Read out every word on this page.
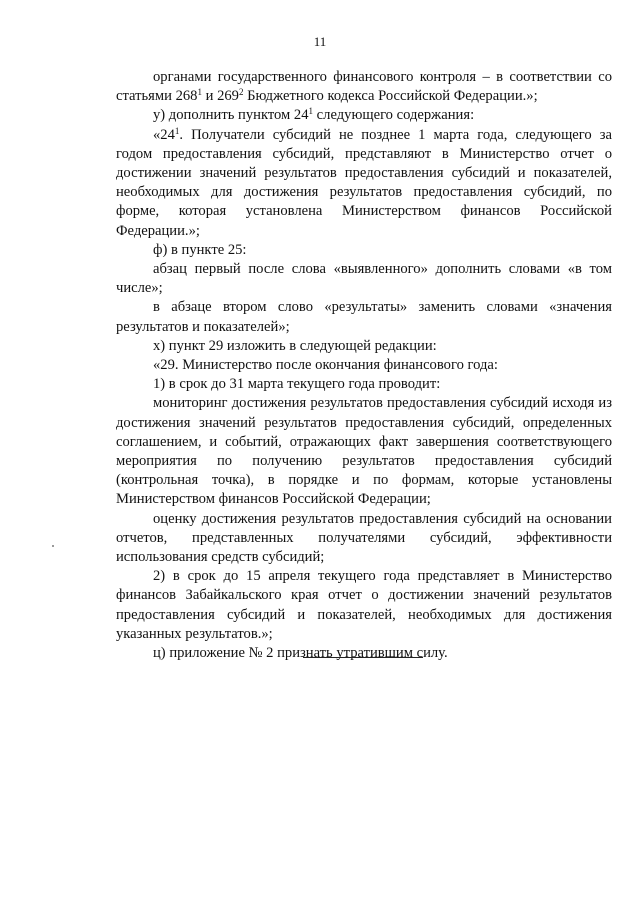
11

органами государственного финансового контроля – в соответствии со статьями $268^1$ и $269^2$ Бюджетного кодекса Российской Федерации.»;

у) дополнить пунктом $24^1$ следующего содержания:

«$24^1$. Получатели субсидий не позднее 1 марта года, следующего за годом предоставления субсидий, представляют в Министерство отчет о достижении значений результатов предоставления субсидий и показателей, необходимых для достижения результатов предоставления субсидий, по форме, которая установлена Министерством финансов Российской Федерации.»;

ф) в пункте 25:

абзац первый после слова «выявленного» дополнить словами «в том числе»;

в абзаце втором слово «результаты» заменить словами «значения результатов и показателей»;

х) пункт 29 изложить в следующей редакции:

«29. Министерство после окончания финансового года:

1) в срок до 31 марта текущего года проводит:

мониторинг достижения результатов предоставления субсидий исходя из достижения значений результатов предоставления субсидий, определенных соглашением, и событий, отражающих факт завершения соответствующего мероприятия по получению результатов предоставления субсидий (контрольная точка), в порядке и по формам, которые установлены Министерством финансов Российской Федерации;

оценку достижения результатов предоставления субсидий на основании отчетов, представленных получателями субсидий, эффективности использования средств субсидий;

2) в срок до 15 апреля текущего года представляет в Министерство финансов Забайкальского края отчет о достижении значений результатов предоставления субсидий и показателей, необходимых для достижения указанных результатов.»;

ц) приложение № 2 признать утратившим силу.
